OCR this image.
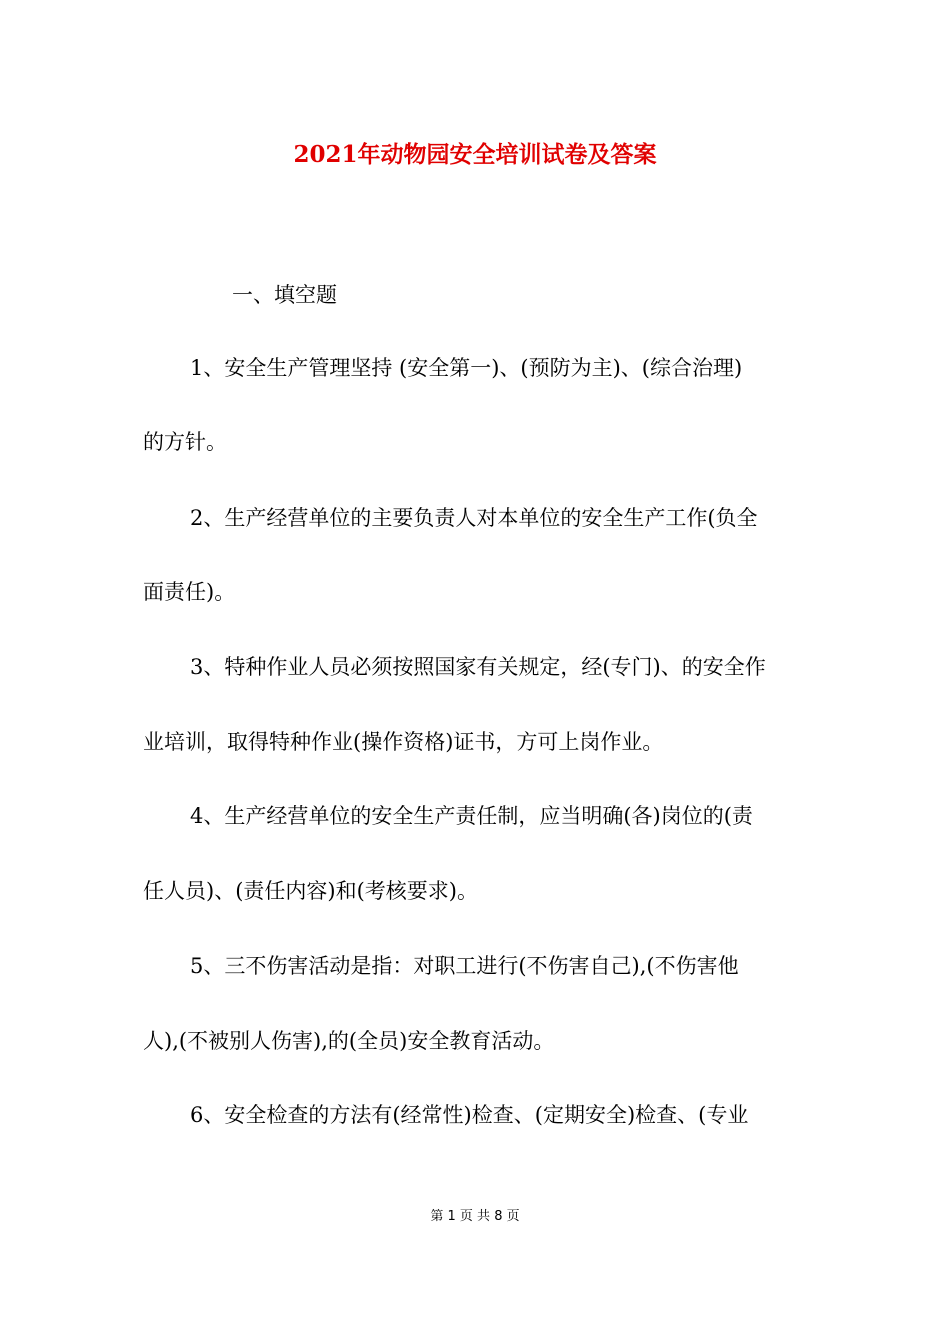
2021年动物园安全培训试卷及答案
一、填空题
1、安全生产管理坚持 (安全第一)、(预防为主)、(综合治理)
的方针。
2、生产经营单位的主要负责人对本单位的安全生产工作(负全
面责任)。
3、特种作业人员必须按照国家有关规定，经(专门)、的安全作
业培训，取得特种作业(操作资格)证书，方可上岗作业。
4、生产经营单位的安全生产责任制，应当明确(各)岗位的(责
任人员)、(责任内容)和(考核要求)。
5、三不伤害活动是指：对职工进行(不伤害自己),(不伤害他
人),(不被别人伤害),的(全员)安全教育活动。
6、安全检查的方法有(经常性)检查、(定期安全)检查、(专业
第 1 页 共 8 页
